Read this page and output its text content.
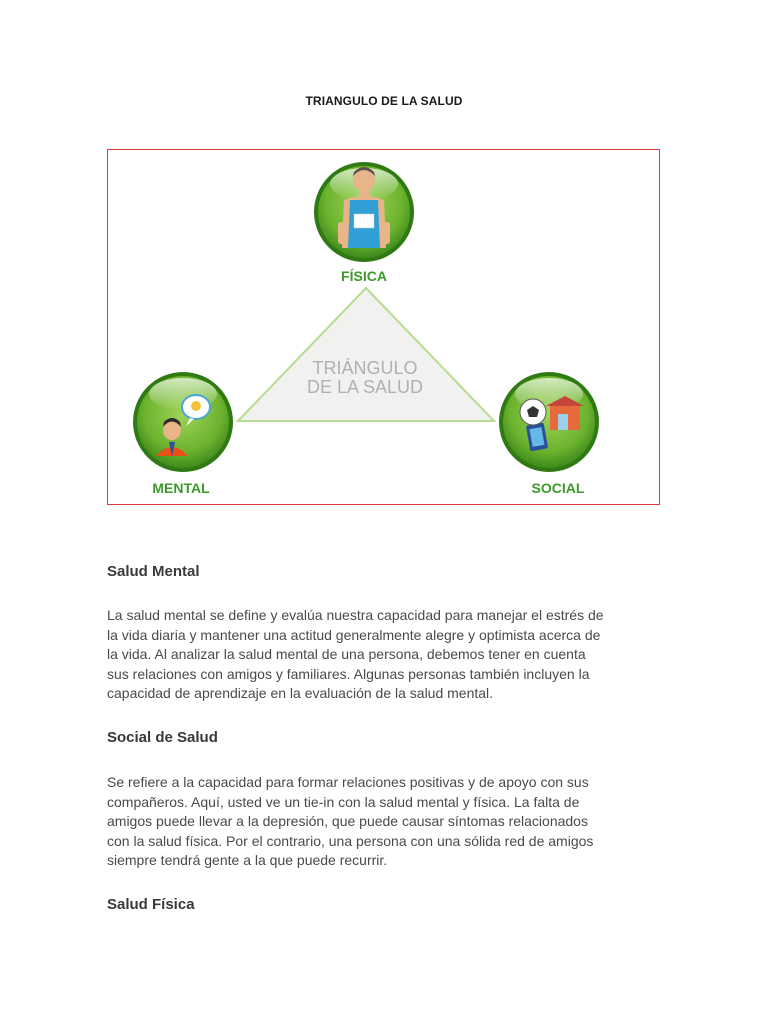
TRIANGULO DE LA SALUD
TRIÁNGULO
DE LA SALUD
FÍSICA
MENTAL	SOCIAL
Salud Mental
La salud mental se define y evalúa nuestra capacidad para manejar el estrés de
la vida diaria y mantener una actitud generalmente alegre y optimista acerca de
la vida. Al analizar la salud mental de una persona, debemos tener en cuenta
sus relaciones con amigos y familiares. Algunas personas también incluyen la
capacidad de aprendizaje en la evaluación de la salud mental.
Social de Salud
Se refiere a la capacidad para formar relaciones positivas y de apoyo con sus
compañeros. Aquí, usted ve un tie-in con la salud mental y física. La falta de
amigos puede llevar a la depresión, que puede causar síntomas relacionados
con la salud física. Por el contrario, una persona con una sólida red de amigos
siempre tendrá gente a la que puede recurrir.
Salud Física
